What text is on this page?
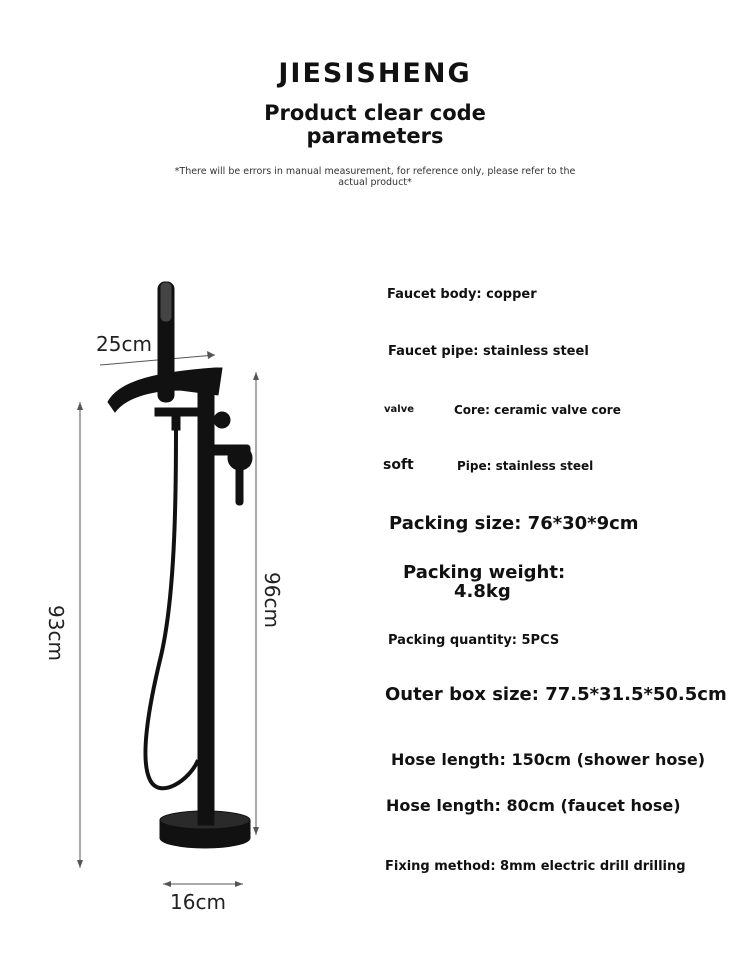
JIESISHENG
Product clear code
parameters
*There will be errors in manual measurement, for reference only, please refer to the actual product*
25cm
93cm
96cm
16cm
Faucet body: copper
Faucet pipe: stainless steel
valve	Core: ceramic valve core
soft	Pipe: stainless steel
Packing size: 76*30*9cm
Packing weight:
4.8kg
Packing quantity: 5PCS
Outer box size: 77.5*31.5*50.5cm
Hose length: 150cm (shower hose)
Hose length: 80cm (faucet hose)
Fixing method: 8mm electric drill drilling
